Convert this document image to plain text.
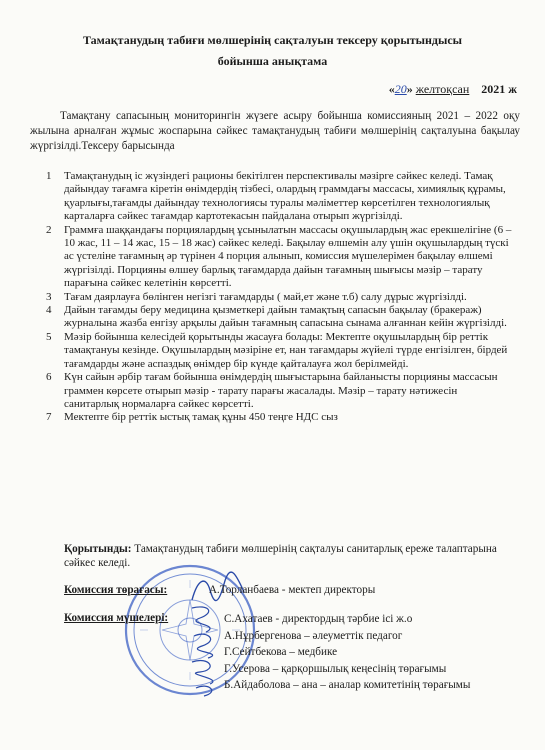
Тамақтанудың табиғи мөлшерінің сақталуын тексеру қорытындысы
бойынша анықтама
«20» желтоқсан 2021 ж
Тамақтану сапасының мониторингін жүзеге асыру бойынша комиссияның 2021 – 2022 оқу жылына арналған жұмыс жоспарына сәйкес тамақтанудың табиғи мөлшерінің сақталуына бақылау жүргізілді.Тексеру барысында
1 Тамақтанудың іс жүзіндегі рационы бекітілген перспективалы мәзірге сәйкес келеді. Тамақ дайындау тағамға кіретін өнімдердің тізбесі, олардың граммдағы массасы, химиялық құрамы, қуарлығы,тағамды дайындау технологиясы туралы мәліметтер көрсетілген технологиялық карталарға сәйкес тағамдар картотекасын пайдалана отырып жүргізілді.
2 Граммға шаққандағы порциялардың ұсынылатын массасы оқушылардың жас ерекшелігіне (6 – 10 жас, 11 – 14 жас, 15 – 18 жас) сәйкес келеді. Бақылау өлшемін алу үшін оқушылардың түскі ас үстеліне тағамның әр түрінен 4 порция алынып, комиссия мүшелерімен бақылау өлшемі жүргізілді. Порцияны өлшеу барлық тағамдарда дайын тағамның шығысы мәзір – тарату парағына сәйкес келетінін көрсетті.
3 Тағам даярлауға бөлінген негізгі тағамдарды ( май,ет және т.б) салу дұрыс жүргізілді.
4 Дайын тағамды беру медицина қызметкері дайын тамақтың сапасын бақылау (бракераж) журналына жазба енгізу арқылы дайын тағамның сапасына сынама алғаннан кейін жүргізілді.
5 Мәзір бойынша келесідей қорытынды жасауға болады: Мектепте оқушылардың бір реттік тамақтануы кезінде. Оқушылардың мәзіріне ет, нан тағамдары жүйелі түрде енгізілген, бірдей тағамдарды және аспаздық өнімдер бір күнде қайталауға жол берілмейді.
6 Күн сайын әрбір тағам бойынша өнімдердің шығыстарына байланысты порцияны массасын граммен көрсете отырып мәзір - тарату парағы жасалады. Мәзір – тарату нәтижесін санитарлық нормаларға сәйкес көрсетті.
7 Мектепте бір реттік ыстық тамақ құны 450 теңге НДС сыз
Қорытынды: Тамақтанудың табиғи мөлшерінің сақталуы санитарлық ереже талаптарына сәйкес келеді.
Комиссия төрағасы:	А.Торланбаева - мектеп директоры
Комиссия мүшелері:	С.Ахатаев - директордың тәрбие ісі ж.о
А.Нұрбергенова – әлеуметтік педагог
Г.Сейтбекова – медбике
Г.Усерова – қарқоршылық кеңесінің төрағымы
Б.Айдаболова – ана – аналар комитетінің төрағымы
